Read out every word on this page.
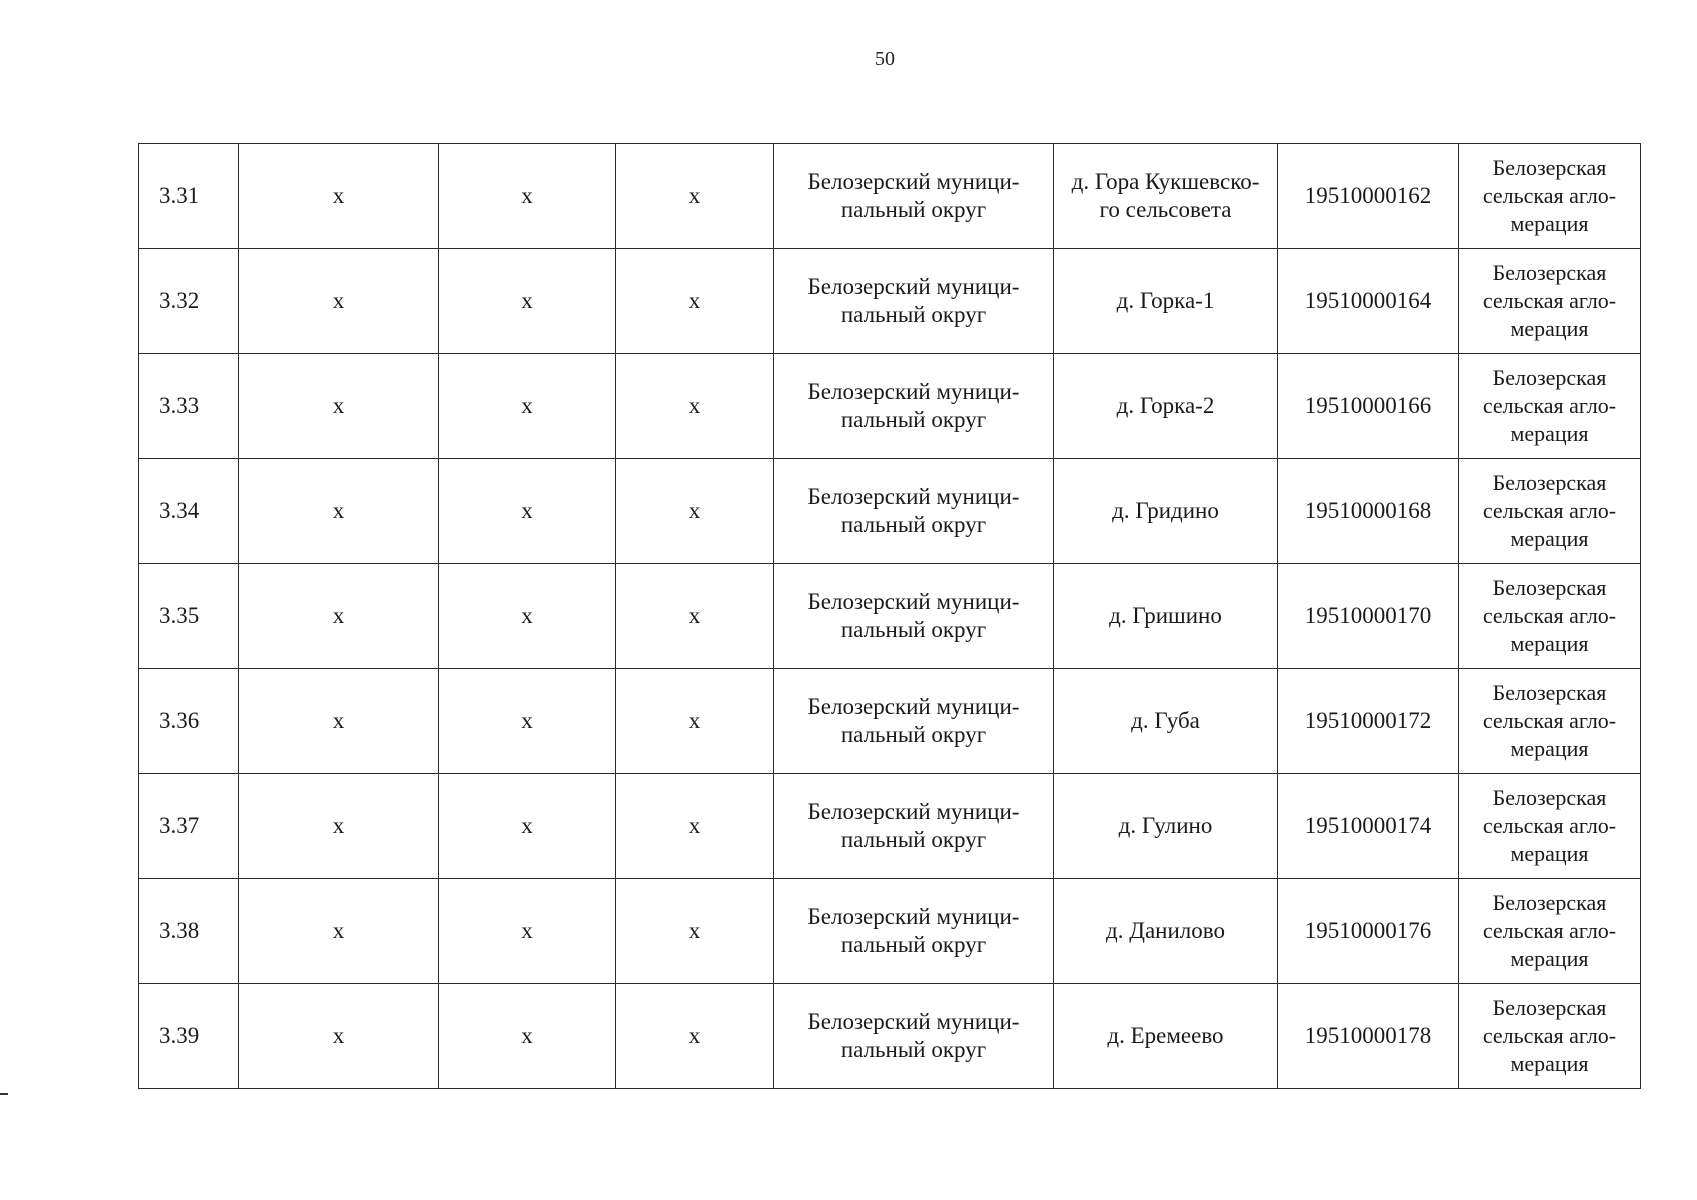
50
3.31	x	x	x	Белозерский муници-
пальный округ	д. Гора Кукшевско-
го сельсовета	19510000162	Белозерская
сельская агло-
мерация
3.32	x	x	x	Белозерский муници-
пальный округ	д. Горка-1	19510000164	Белозерская
сельская агло-
мерация
3.33	x	x	x	Белозерский муници-
пальный округ	д. Горка-2	19510000166	Белозерская
сельская агло-
мерация
3.34	x	x	x	Белозерский муници-
пальный округ	д. Гридино	19510000168	Белозерская
сельская агло-
мерация
3.35	x	x	x	Белозерский муници-
пальный округ	д. Гришино	19510000170	Белозерская
сельская агло-
мерация
3.36	x	x	x	Белозерский муници-
пальный округ	д. Губа	19510000172	Белозерская
сельская агло-
мерация
3.37	x	x	x	Белозерский муници-
пальный округ	д. Гулино	19510000174	Белозерская
сельская агло-
мерация
3.38	x	x	x	Белозерский муници-
пальный округ	д. Данилово	19510000176	Белозерская
сельская агло-
мерация
3.39	x	x	x	Белозерский муници-
пальный округ	д. Еремеево	19510000178	Белозерская
сельская агло-
мерация
